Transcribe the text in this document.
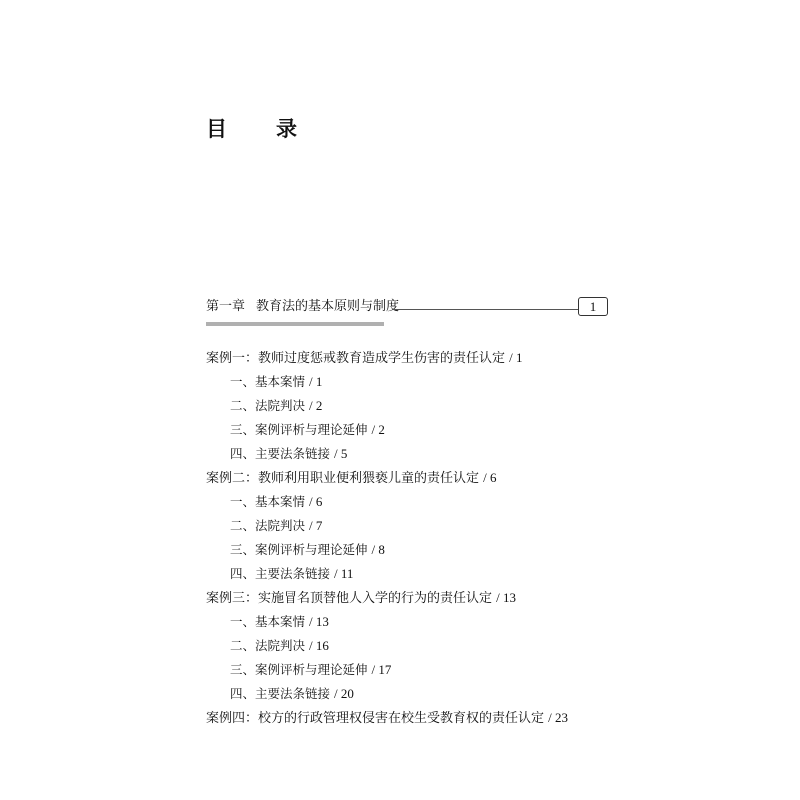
目　录
第一章 教育法的基本原则与制度	1
案例一：教师过度惩戒教育造成学生伤害的责任认定 / 1
一、基本案情 / 1
二、法院判决 / 2
三、案例评析与理论延伸 / 2
四、主要法条链接 / 5
案例二：教师利用职业便利猥亵儿童的责任认定 / 6
一、基本案情 / 6
二、法院判决 / 7
三、案例评析与理论延伸 / 8
四、主要法条链接 / 11
案例三：实施冒名顶替他人入学的行为的责任认定 / 13
一、基本案情 / 13
二、法院判决 / 16
三、案例评析与理论延伸 / 17
四、主要法条链接 / 20
案例四：校方的行政管理权侵害在校生受教育权的责任认定 / 23
